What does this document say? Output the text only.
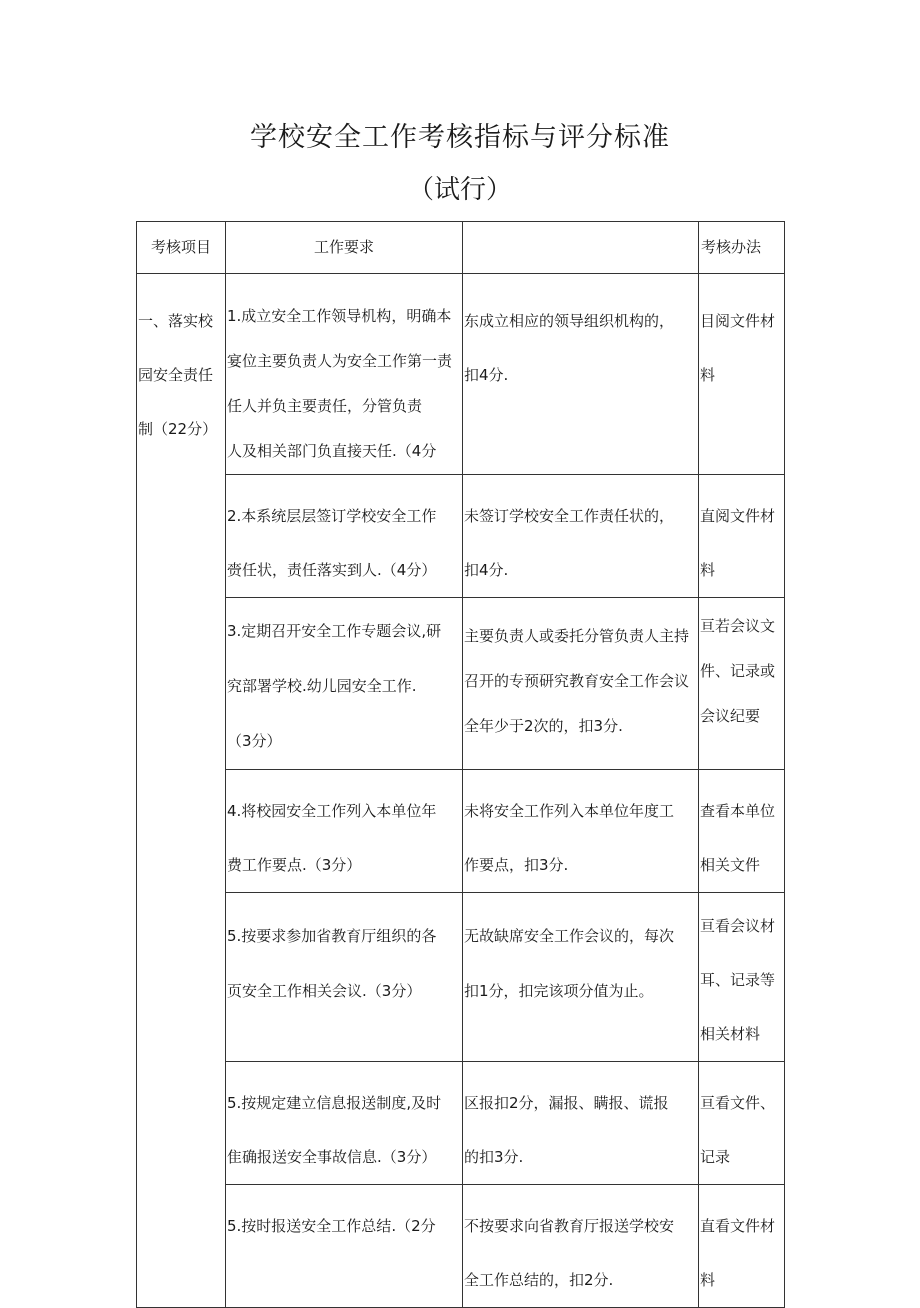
学校安全工作考核指标与评分标准
（试行）
考核项目	工作要求		考核办法
一、落实校
园安全责任
制（22分）	1.成立安全工作领导机构，明确本
宴位主要负责人为安全工作第一责
任人并负主要责任，分管负责
人及相关部门负直接天任.（4分	东成立相应的领导组织机构的，
扣4分.	目阅文件材
料
	2.本系统层层签订学校安全工作
赍任状，责任落实到人.（4分）	未签订学校安全工作责任状的，
扣4分.	直阅文件材
料
	3.定期召开安全工作专题会议,研
究部署学校.幼儿园安全工作.
（3分）	主要负责人或委托分管负责人主持
召开的专预研究教育安全工作会议
全年少于2次的，扣3分.	亘若会议文
件、记录或
会议纪要
	4.将校园安全工作列入本单位年
费工作要点.（3分）	未将安全工作列入本单位年度工
作要点，扣3分.	查看本单位
相关文件
	5.按要求参加省教育厅组织的各
页安全工作相关会议.（3分）	无故缺席安全工作会议的，每次
扣1分，扣完该项分值为止。	亘看会议材
耳、记录等
相关材料
	5.按规定建立信息报送制度,及时
隹确报送安全事故信息.（3分）	区报扣2分，漏报、瞒报、谎报
的扣3分.	亘看文件、
记录
	5.按时报送安全工作总结.（2分	不按要求向省教育厅报送学校安
全工作总结的，扣2分.	直看文件材
料
